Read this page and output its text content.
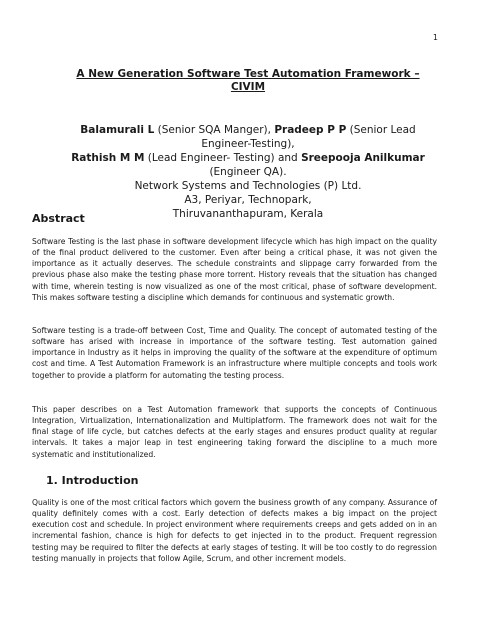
1
A New Generation Software Test Automation Framework –
CIVIM
Balamurali L (Senior SQA Manger), Pradeep P P (Senior Lead Engineer-Testing),
Rathish M M (Lead Engineer- Testing) and Sreepooja Anilkumar (Engineer QA).
Network Systems and Technologies (P) Ltd.
A3, Periyar, Technopark,
Thiruvananthapuram, Kerala
Abstract

Software Testing is the last phase in software development lifecycle which has high impact on the quality of the final product delivered to the customer. Even after being a critical phase, it was not given the importance as it actually deserves. The schedule constraints and slippage carry forwarded from the previous phase also make the testing phase more torrent. History reveals that the situation has changed with time, wherein testing is now visualized as one of the most critical, phase of software development. This makes software testing a discipline which demands for continuous and systematic growth.

Software testing is a trade-off between Cost, Time and Quality. The concept of automated testing of the software has arised with increase in importance of the software testing. Test automation gained importance in Industry as it helps in improving the quality of the software at the expenditure of optimum cost and time. A Test Automation Framework is an infrastructure where multiple concepts and tools work together to provide a platform for automating the testing process.

This paper describes on a Test Automation framework that supports the concepts of Continuous Integration, Virtualization, Internationalization and Multiplatform. The framework does not wait for the final stage of life cycle, but catches defects at the early stages and ensures product quality at regular intervals. It takes a major leap in test engineering taking forward the discipline to a much more systematic and institutionalized.

1. Introduction

Quality is one of the most critical factors which govern the business growth of any company. Assurance of quality definitely comes with a cost. Early detection of defects makes a big impact on the project execution cost and schedule. In project environment where requirements creeps and gets added on in an incremental fashion, chance is high for defects to get injected in to the product. Frequent regression testing may be required to filter the defects at early stages of testing. It will be too costly to do regression testing manually in projects that follow Agile, Scrum, and other increment models.
